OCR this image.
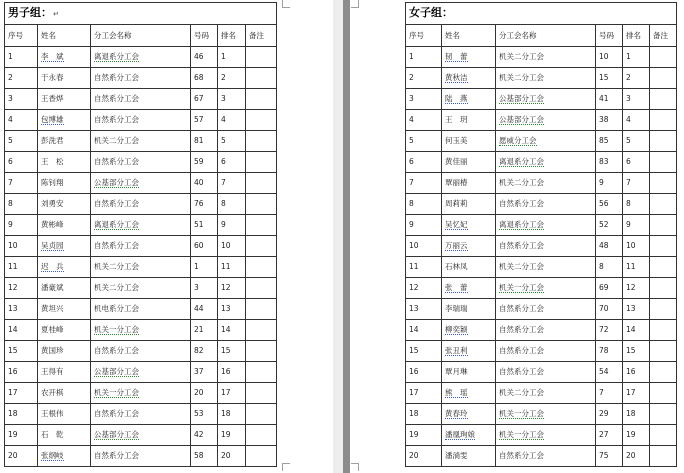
男子组：↵					
序号	姓名	分工会名称	号码	排名	备注
1	李　斌	离退系分工会	46	1	
2	于永春	自然系分工会	68	2	
3	王香烨	自然系分工会	67	3	
4	包博雄	自然系分工会	57	4	
5	彭洗君	机关二分工会	81	5	
6	王　松	自然系分工会	59	6	
7	陈钊翔	公基部分工会	40	7	
8	刘勇安	自然系分工会	76	8	
9	黄彬峰	离退系分工会	51	9	
10	吴贞园	自然系分工会	60	10	
11	迟　兵	机关二分工会	1	11	
12	潘豪斌	机关二分工会	3	12	
13	黄坦兴	机电系分工会	44	13	
14	夏桂峰	机关一分工会	21	14	
15	黄国珍	自然系分工会	82	15	
16	王得有	公基部分工会	37	16	
17	农开棋	机关一分工会	20	17	
18	王根伟	自然系分工会	53	18	
19	石　乾	公基部分工会	42	19	
20	张纲岐	自然系分工会	58	20	
女子组：					
序号	姓名	分工会名称	号码	排名	备注
1	韧　蕾	机关二分工会	10	1	
2	黄秋洁	机关二分工会	15	2	
3	陆　燕	公基部分工会	41	3	
4	王　玥	公基部分工会	38	4	
5	何玉美	愿威分工会	85	5	
6	黄佳丽	离退系分工会	83	6	
7	覃丽椿	机关二分工会	9	7	
8	周莉莉	自然系分工会	56	8	
9	吴忆妃	离退系分工会	52	9	
10	万丽云	自然系分工会	48	10	
11	石林凤	机关二分工会	8	11	
12	张　蕾	机关一分工会	69	12	
13	李瑞瑞	自然系分工会	70	13	
14	柳奕颖	自然系分工会	72	14	
15	张丑利	自然系分工会	78	15	
16	覃月琳	自然系分工会	54	16	
17	熊　瑶	机关二分工会	7	17	
18	黄春玲	机关一分工会	29	18	
19	潘凰珣娘	机关一分工会	27	19	
20	潘淌雯	自然系分工会	75	20	
